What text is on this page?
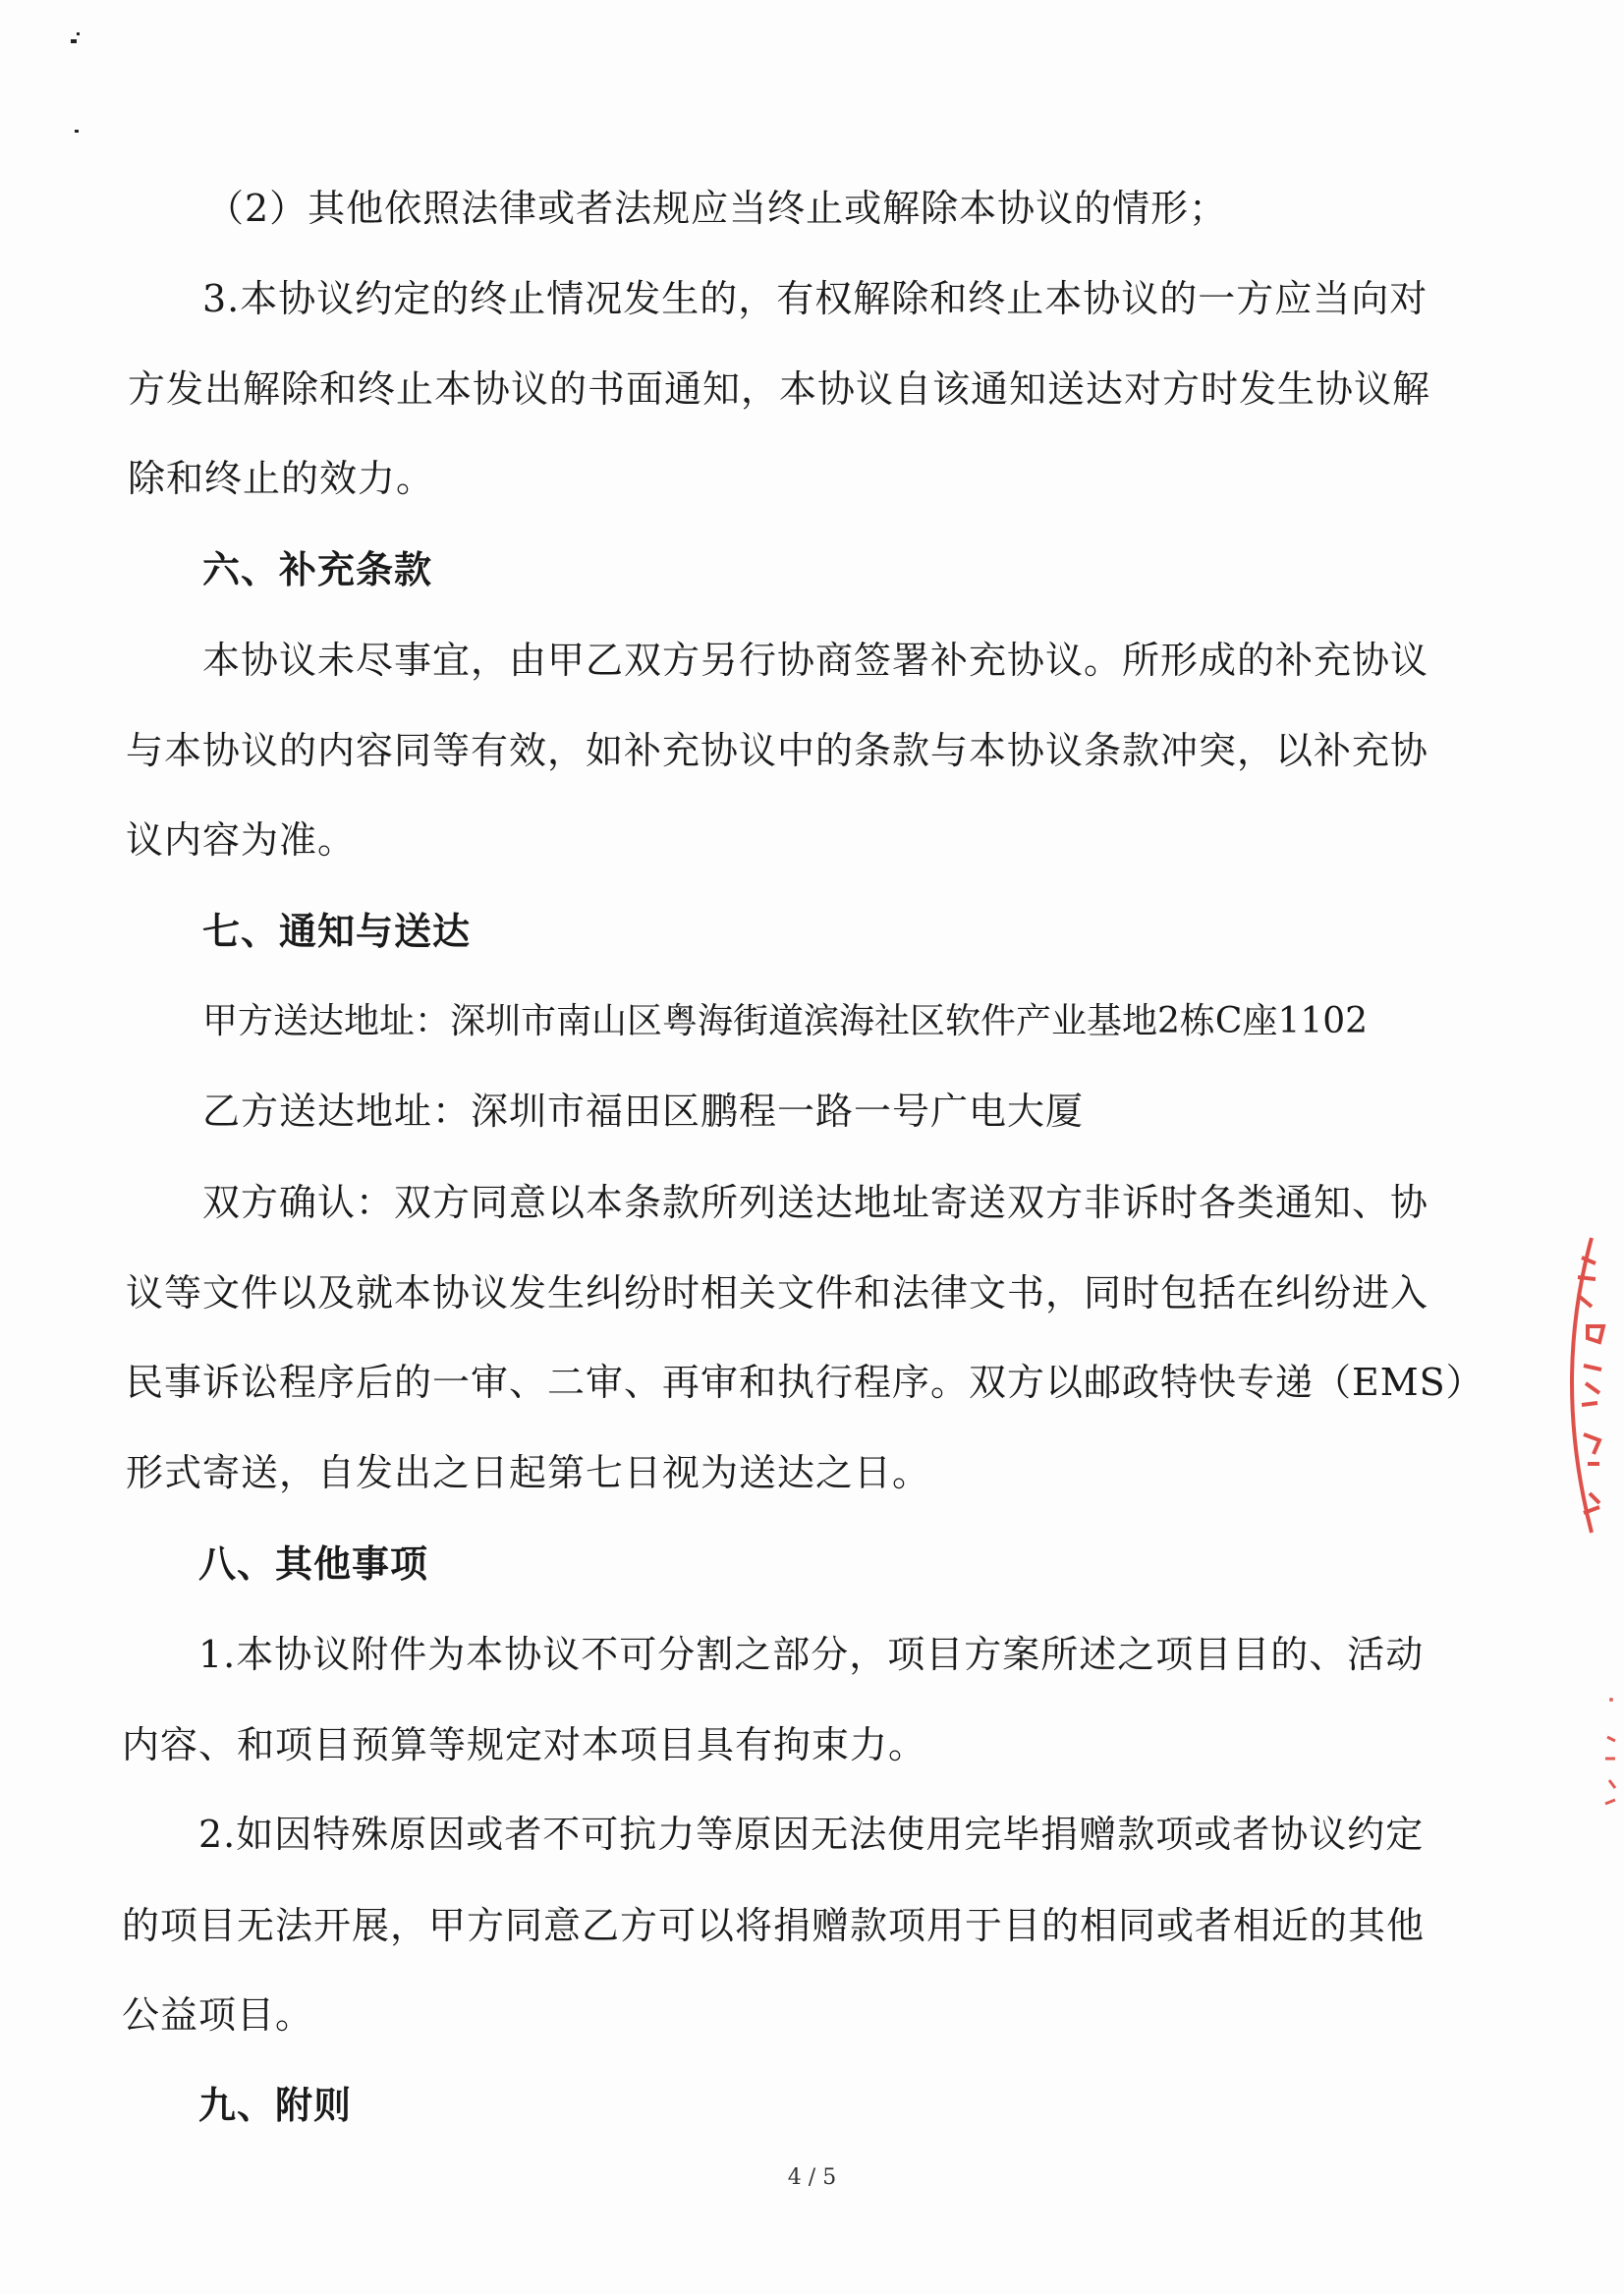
（2）其他依照法律或者法规应当终止或解除本协议的情形；
3.本协议约定的终止情况发生的，有权解除和终止本协议的一方应当向对
方发出解除和终止本协议的书面通知，本协议自该通知送达对方时发生协议解
除和终止的效力。
六、补充条款
本协议未尽事宜，由甲乙双方另行协商签署补充协议。所形成的补充协议
与本协议的内容同等有效，如补充协议中的条款与本协议条款冲突，以补充协
议内容为准。
七、通知与送达
甲方送达地址：深圳市南山区粤海街道滨海社区软件产业基地2栋C座1102
乙方送达地址：深圳市福田区鹏程一路一号广电大厦
双方确认：双方同意以本条款所列送达地址寄送双方非诉时各类通知、协
议等文件以及就本协议发生纠纷时相关文件和法律文书，同时包括在纠纷进入
民事诉讼程序后的一审、二审、再审和执行程序。双方以邮政特快专递（EMS）
形式寄送，自发出之日起第七日视为送达之日。
八、其他事项
1.本协议附件为本协议不可分割之部分，项目方案所述之项目目的、活动
内容、和项目预算等规定对本项目具有拘束力。
2.如因特殊原因或者不可抗力等原因无法使用完毕捐赠款项或者协议约定
的项目无法开展，甲方同意乙方可以将捐赠款项用于目的相同或者相近的其他
公益项目。
九、附则
4 / 5
